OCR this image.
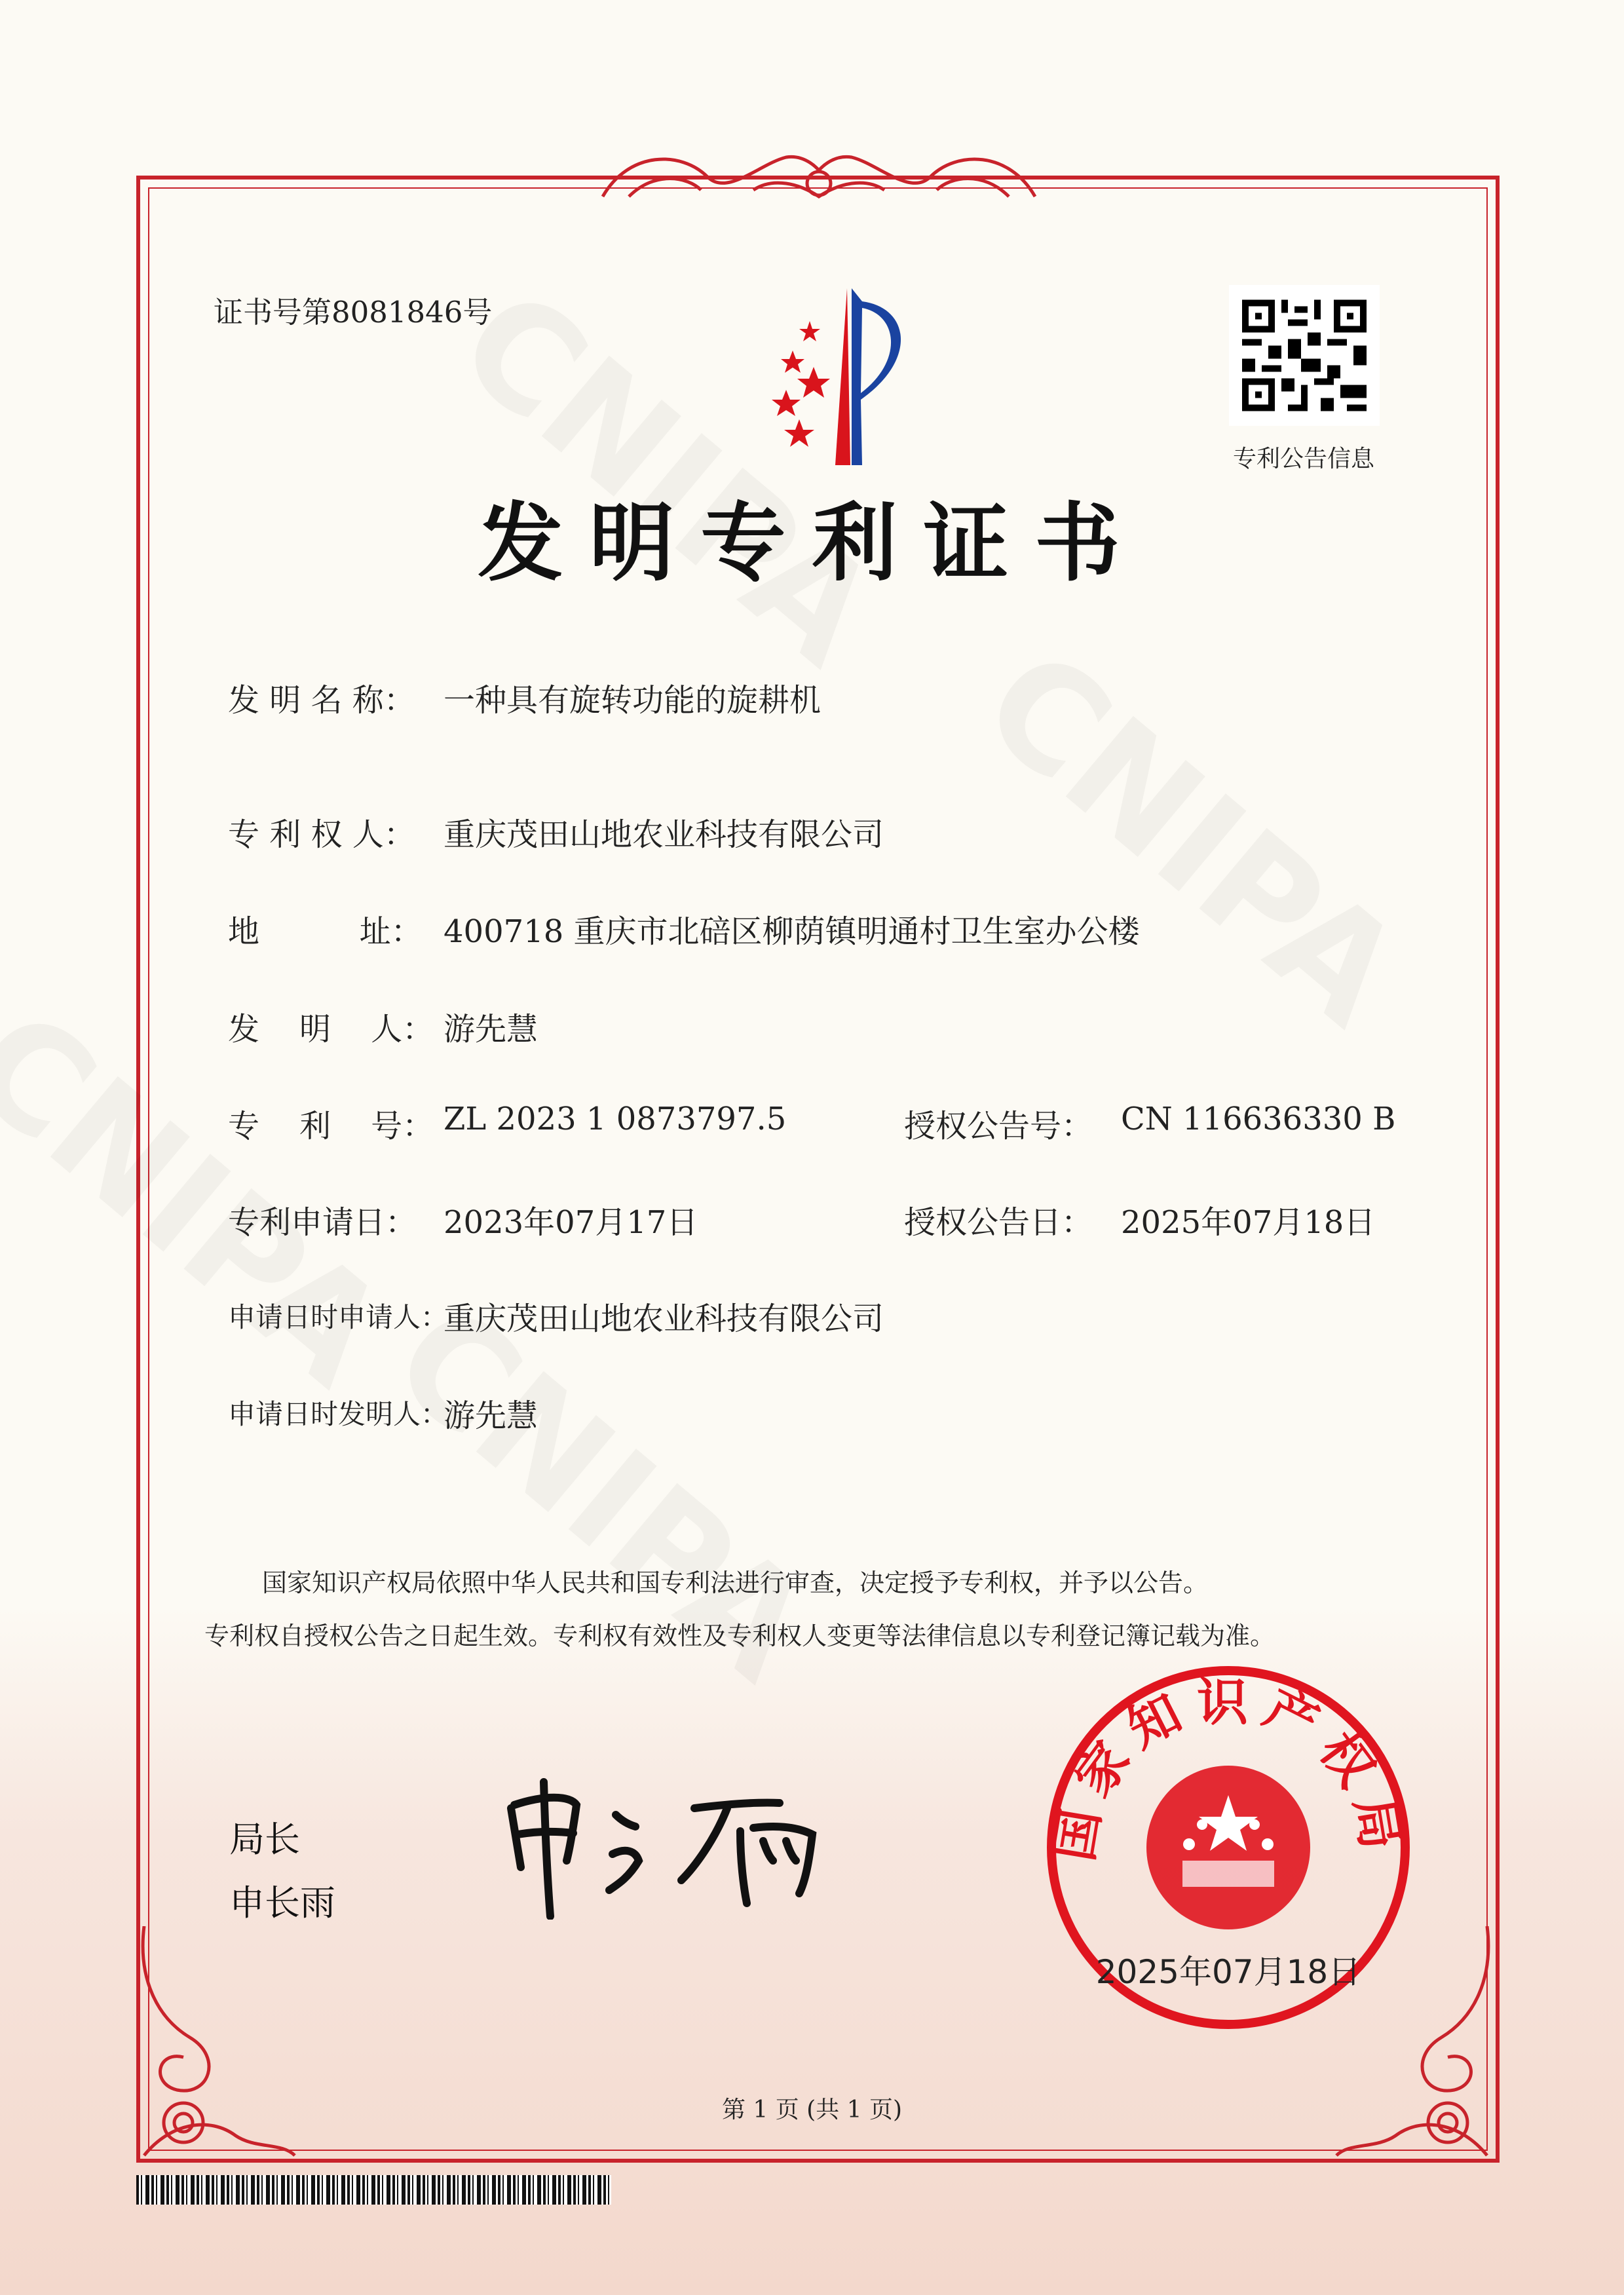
证书号第8081846号
专利公告信息
发明专利证书
发 明 名 称： 一种具有旋转功能的旋耕机
专 利 权 人： 重庆茂田山地农业科技有限公司
地          址： 400718 重庆市北碚区柳荫镇明通村卫生室办公楼
发    明    人： 游先慧
专    利    号： ZL 2023 1 0873797.5
专利申请日： 2023年07月17日
申请日时申请人：
重庆茂田山地农业科技有限公司
申请日时发明人：
游先慧
授权公告号： CN 116636330 B
授权公告日： 2025年07月18日
国家知识产权局依照中华人民共和国专利法进行审查，决定授予专利权，并予以公告。
专利权自授权公告之日起生效。专利权有效性及专利权人变更等法律信息以专利登记簿记载为准。
局长
申长雨
国家知识产权局
2025年07月18日
第 1 页 (共 1 页)
